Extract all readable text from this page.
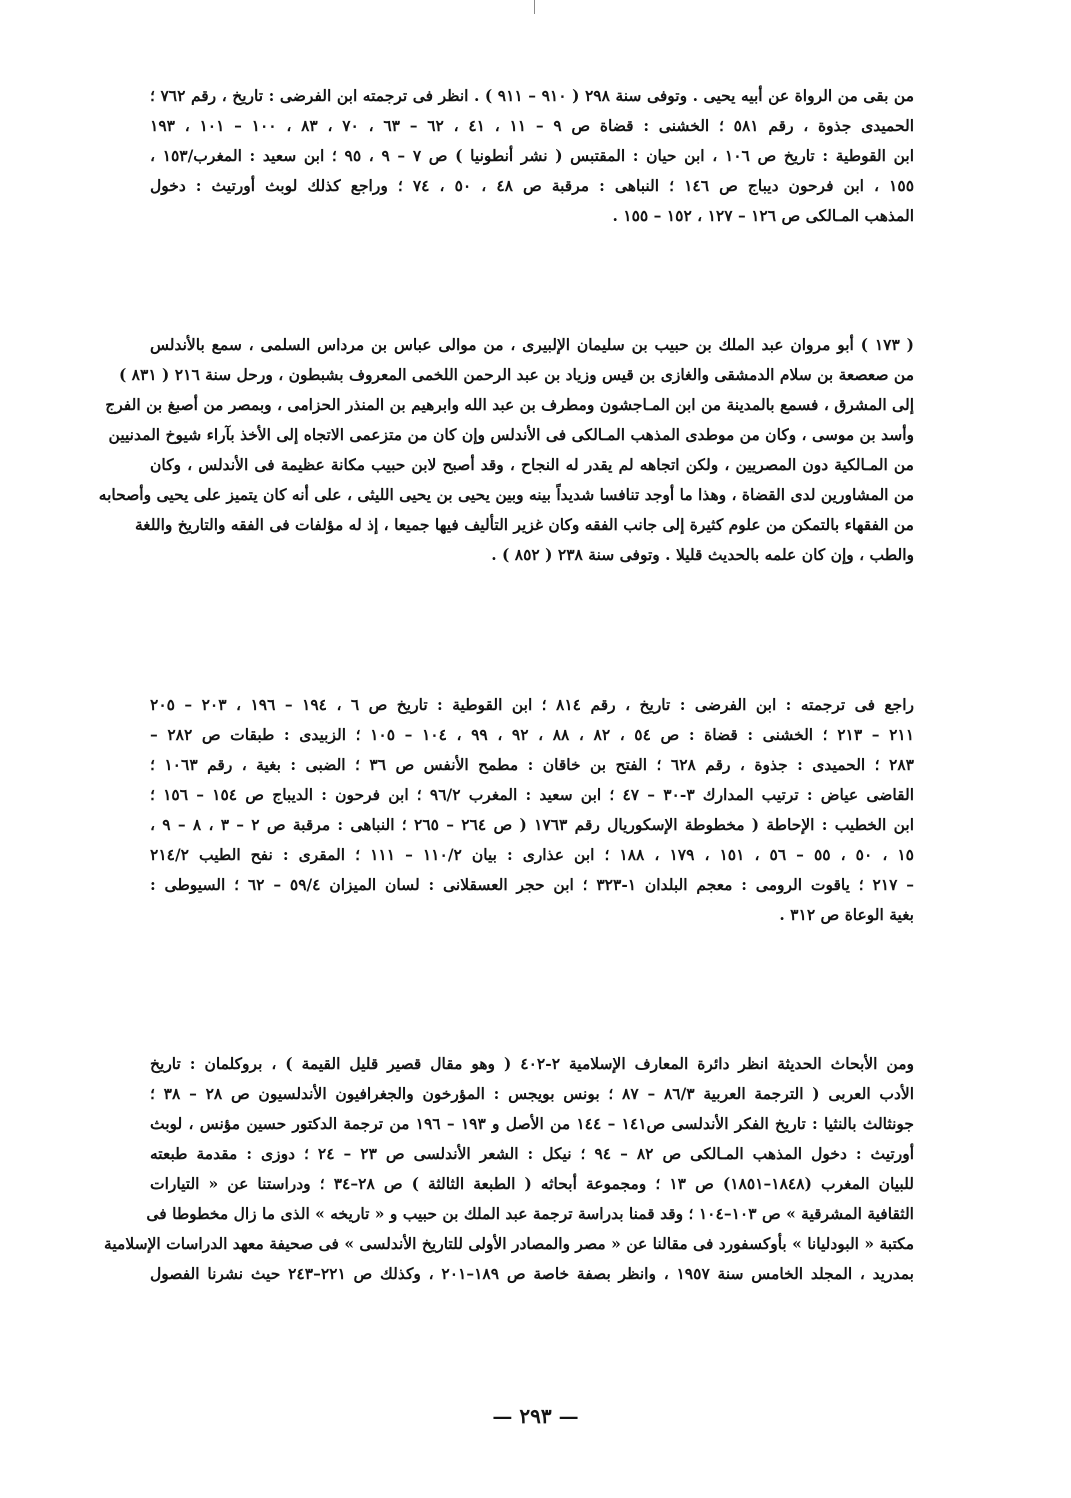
من بقى من الرواة عن أبيه يحيى . وتوفى سنة ٢٩٨ ( ٩١٠ – ٩١١ ) . انظر فى ترجمته ابن الفرضى : تاريخ ، رقم ٧٦٢ ؛
الحميدى جذوة ، رقم ٥٨١ ؛ الخشنى : قضاة ص ٩ – ١١ ، ٤١ ، ٦٢ – ٦٣ ، ٧٠ ، ٨٣ ، ١٠٠ – ١٠١ ، ١٩٣
ابن القوطية : تاريخ ص ١٠٦ ، ابن حيان : المقتبس ( نشر أنطونيا ) ص ٧ – ٩ ، ٩٥ ؛ ابن سعيد : المغرب/١٥٣ ،
١٥٥ ، ابن فرحون ديباج ص ١٤٦ ؛ النباهى : مرقبة ص ٤٨ ، ٥٠ ، ٧٤ ؛ وراجع كذلك لوبث أورتيث : دخول
المذهب المـالكى ص ١٢٦ – ١٢٧ ، ١٥٢ – ١٥٥ .
( ١٧٣ ) أبو مروان عبد الملك بن حبيب بن سليمان الإلبيرى ، من موالى عباس بن مرداس السلمى ، سمع بالأندلس
من صعصعة بن سلام الدمشقى والغازى بن قيس وزياد بن عبد الرحمن اللخمى المعروف بشبطون ، ورحل سنة ٢١٦ ( ٨٣١ )
إلى المشرق ، فسمع بالمدينة من ابن المـاجشون ومطرف بن عبد الله وابرهيم بن المنذر الحزامى ، وبمصر من أصبغ بن الفرج
وأسد بن موسى ، وكان من موطدى المذهب المـالكى فى الأندلس وإن كان من متزعمى الاتجاه إلى الأخذ بآراء شيوخ المدنيين
من المـالكية دون المصريين ، ولكن اتجاهه لم يقدر له النجاح ، وقد أصبح لابن حبيب مكانة عظيمة فى الأندلس ، وكان
من المشاورين لدى القضاة ، وهذا ما أوجد تنافسا شديداً بينه وبين يحيى بن يحيى الليثى ، على أنه كان يتميز على يحيى وأصحابه
من الفقهاء بالتمكن من علوم كثيرة إلى جانب الفقه وكان غزير التأليف فيها جميعا ، إذ له مؤلفات فى الفقه والتاريخ واللغة
والطب ، وإن كان علمه بالحديث قليلا . وتوفى سنة ٢٣٨ ( ٨٥٢ ) .
راجع فى ترجمته : ابن الفرضى : تاريخ ، رقم ٨١٤ ؛ ابن القوطية : تاريخ ص ٦ ، ١٩٤ – ١٩٦ ، ٢٠٣ – ٢٠٥
٢١١ – ٢١٣ ؛ الخشنى : قضاة : ص ٥٤ ، ٨٢ ، ٨٨ ، ٩٢ ، ٩٩ ، ١٠٤ – ١٠٥ ؛ الزبيدى : طبقات ص ٢٨٢ –
٢٨٣ ؛ الحميدى : جذوة ، رقم ٦٢٨ ؛ الفتح بن خاقان : مطمح الأنفس ص ٣٦ ؛ الضبى : بغية ، رقم ١٠٦٣ ؛
القاضى عياض : ترتيب المدارك ٣-٣٠ – ٤٧ ؛ ابن سعيد : المغرب ٩٦/٢ ؛ ابن فرحون : الديباج ص ١٥٤ – ١٥٦ ؛
ابن الخطيب : الإحاطة ( مخطوطة الإسكوريال رقم ١٧٦٣ ( ص ٢٦٤ – ٢٦٥ ؛ النباهى : مرقبة ص ٢ – ٣ ، ٨ – ٩ ،
١٥ ، ٥٠ ، ٥٥ – ٥٦ ، ١٥١ ، ١٧٩ ، ١٨٨ ؛ ابن عذارى : بيان ١١٠/٢ – ١١١ ؛ المقرى : نفح الطيب ٢١٤/٢
– ٢١٧ ؛ ياقوت الرومى : معجم البلدان ١-٣٢٣ ؛ ابن حجر العسقلانى : لسان الميزان ٥٩/٤ – ٦٢ ؛ السيوطى :
بغية الوعاة ص ٣١٢ .
ومن الأبحاث الحديثة انظر دائرة المعارف الإسلامية ٢-٤٠٢ ( وهو مقال قصير قليل القيمة ) ، بروكلمان : تاريخ
الأدب العربى ( الترجمة العربية ٨٦/٣ – ٨٧ ؛ بونس بويجس : المؤرخون والجغرافيون الأندلسيون ص ٢٨ – ٣٨ ؛
جونثالث بالنثيا : تاريخ الفكر الأندلسى ص١٤١ – ١٤٤ من الأصل و ١٩٣ – ١٩٦ من ترجمة الدكتور حسين مؤنس ، لوبث
أورتيث : دخول المذهب المـالكى ص ٨٢ – ٩٤ ؛ نيكل : الشعر الأندلسى ص ٢٣ – ٢٤ ؛ دوزى : مقدمة طبعته
للبيان المغرب (١٨٤٨–١٨٥١) ص ١٣ ؛ ومجموعة أبحاثه ( الطبعة الثالثة ) ص ٢٨–٣٤ ؛ ودراستنا عن « التيارات
الثقافية المشرقية » ص ١٠٣–١٠٤ ؛ وقد قمنا بدراسة ترجمة عبد الملك بن حبيب و « تاريخه » الذى ما زال مخطوطا فى
مكتبة « البودليانا » بأوكسفورد فى مقالنا عن « مصر والمصادر الأولى للتاريخ الأندلسى » فى صحيفة معهد الدراسات الإسلامية
بمدريد ، المجلد الخامس سنة ١٩٥٧ ، وانظر بصفة خاصة ص ١٨٩–٢٠١ ، وكذلك ص ٢٢١–٢٤٣ حيث نشرنا الفصول
— ٢٩٣ —
